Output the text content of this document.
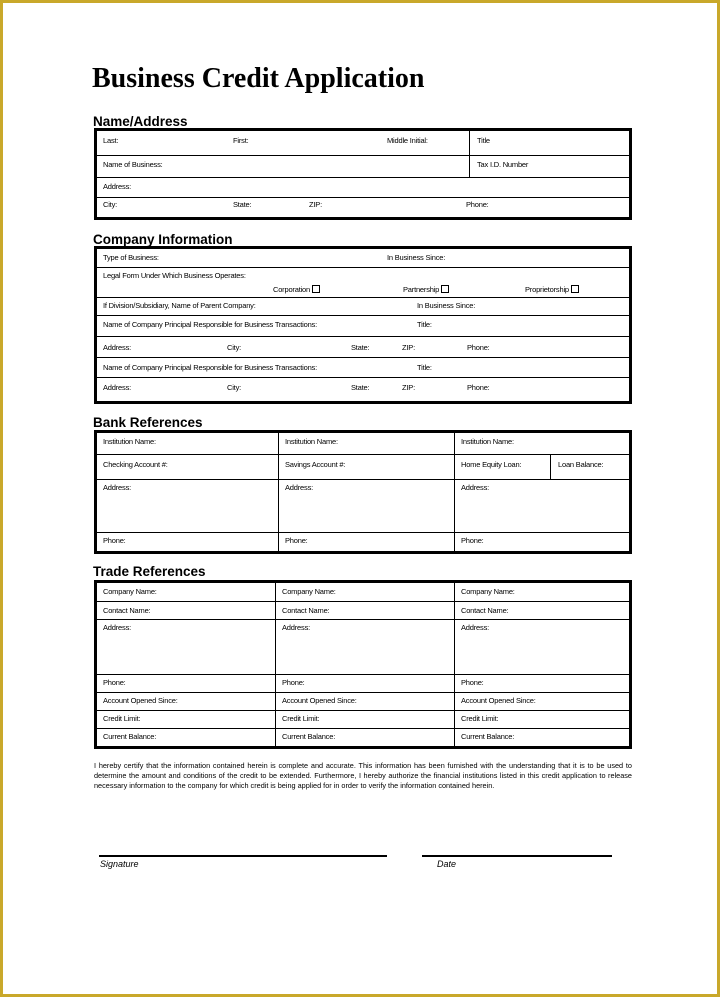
Business Credit Application
Name/Address
Last:	First:	Middle Initial:	Title
Name of Business:	Tax I.D. Number
Address:
City:	State:	ZIP:	Phone:
Company Information
Type of Business:	In Business Since:
Legal Form Under Which Business Operates:
Corporation	Partnership	Proprietorship
If Division/Subsidiary, Name of Parent Company:	In Business Since:
Name of Company Principal Responsible for Business Transactions:	Title:
Address:	City:	State:	ZIP:	Phone:
Name of Company Principal Responsible for Business Transactions:	Title:
Address:	City:	State:	ZIP:	Phone:
Bank References
Institution Name:	Institution Name:	Institution Name:
Checking Account #:	Savings Account #:	Home Equity Loan:	Loan Balance:
Address:	Address:	Address:
Phone:	Phone:	Phone:
Trade References
Company Name:	Company Name:	Company Name:
Contact Name:	Contact Name:	Contact Name:
Address:	Address:	Address:
Phone:	Phone:	Phone:
Account Opened Since:	Account Opened Since:	Account Opened Since:
Credit Limit:	Credit Limit:	Credit Limit:
Current Balance:	Current Balance:	Current Balance:
I hereby certify that the information contained herein is complete and accurate. This information has been furnished with the understanding that it is to be used to determine the amount and conditions of the credit to be extended. Furthermore, I hereby authorize the financial institutions listed in this credit application to release necessary information to the company for which credit is being applied for in order to verify the information contained herein.
Signature	Date
